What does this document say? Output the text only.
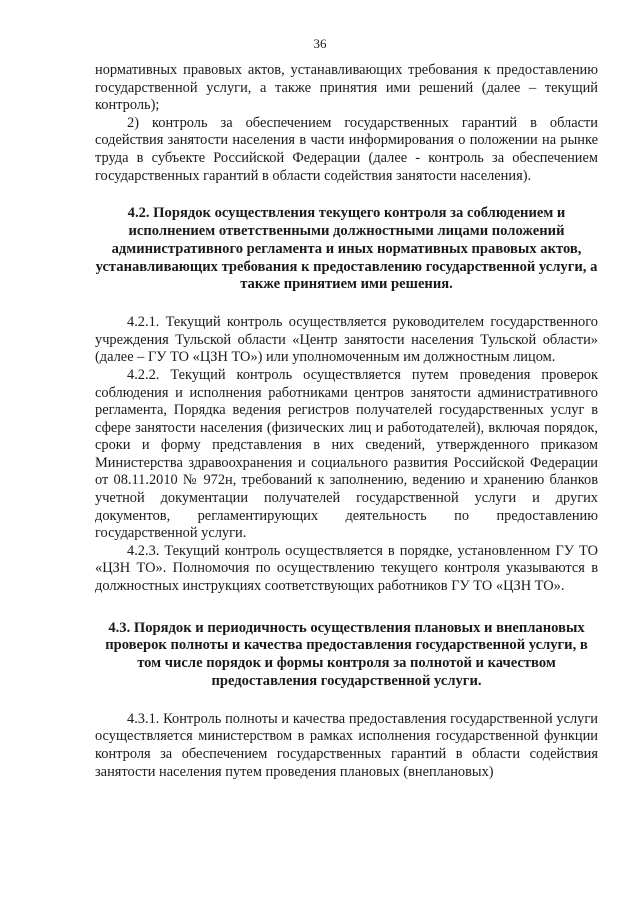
36

нормативных правовых актов, устанавливающих требования к предоставлению государственной услуги, а также принятия ими решений (далее – текущий контроль);

2) контроль за обеспечением государственных гарантий в области содействия занятости населения в части информирования о положении на рынке труда в субъекте Российской Федерации (далее - контроль за обеспечением государственных гарантий в области содействия занятости населения).

4.2. Порядок осуществления текущего контроля за соблюдением и исполнением ответственными должностными лицами положений административного регламента и иных нормативных правовых актов, устанавливающих требования к предоставлению государственной услуги, а также принятием ими решения.

4.2.1. Текущий контроль осуществляется руководителем государственного учреждения Тульской области «Центр занятости населения Тульской области» (далее – ГУ ТО «ЦЗН ТО») или уполномоченным им должностным лицом.

4.2.2. Текущий контроль осуществляется путем проведения проверок соблюдения и исполнения работниками центров занятости административного регламента, Порядка ведения регистров получателей государственных услуг в сфере занятости населения (физических лиц и работодателей), включая порядок, сроки и форму представления в них сведений, утвержденного приказом Министерства здравоохранения и социального развития Российской Федерации от 08.11.2010 № 972н, требований к заполнению, ведению и хранению бланков учетной документации получателей государственной услуги и других документов, регламентирующих деятельность по предоставлению государственной услуги.

4.2.3. Текущий контроль осуществляется в порядке, установленном ГУ ТО «ЦЗН ТО». Полномочия по осуществлению текущего контроля указываются в должностных инструкциях соответствующих работников ГУ ТО «ЦЗН ТО».

4.3. Порядок и периодичность осуществления плановых и внеплановых проверок полноты и качества предоставления государственной услуги, в том числе порядок и формы контроля за полнотой и качеством предоставления государственной услуги.

4.3.1. Контроль полноты и качества предоставления государственной услуги осуществляется министерством в рамках исполнения государственной функции контроля за обеспечением государственных гарантий в области содействия занятости населения путем проведения плановых (внеплановых)
